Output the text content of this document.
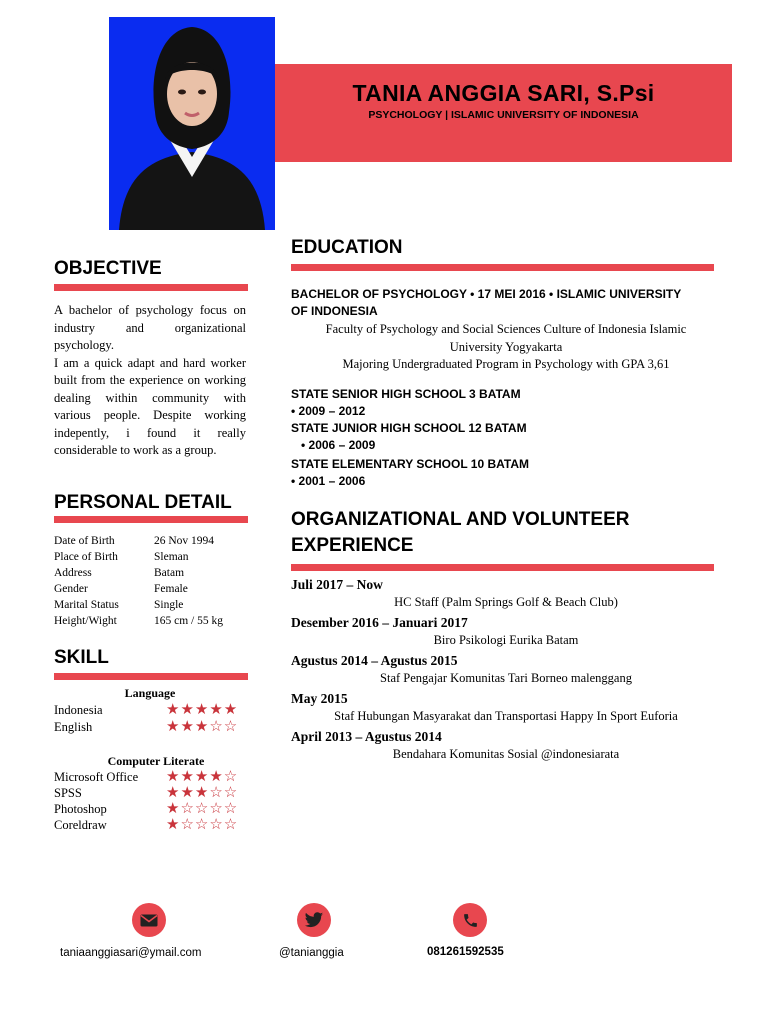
TANIA ANGGIA SARI, S.Psi
PSYCHOLOGY | ISLAMIC UNIVERSITY OF INDONESIA
OBJECTIVE
A bachelor of psychology focus on industry and organizational psychology.
I am a quick adapt and hard worker built from the experience on working dealing within community with various people. Despite working indepently, i found it really considerable to work as a group.
PERSONAL DETAIL
Date of Birth	26 Nov 1994
Place of Birth	Sleman
Address	Batam
Gender	Female
Marital Status	Single
Height/Wight	165 cm / 55 kg
SKILL
Language
Indonesia	★★★★★
English	★★★☆☆
Computer Literate
Microsoft Office ★★★★☆
SPSS	★★★☆☆
Photoshop	★☆☆☆☆
Coreldraw	★☆☆☆☆
EDUCATION
BACHELOR OF PSYCHOLOGY • 17 MEI 2016 • ISLAMIC UNIVERSITY
OF INDONESIA
Faculty of Psychology and Social Sciences Culture of Indonesia Islamic
University Yogyakarta
Majoring Undergraduated Program in Psychology with GPA 3,61
STATE SENIOR HIGH SCHOOL 3 BATAM
• 2009 – 2012
STATE JUNIOR HIGH SCHOOL 12 BATAM
• 2006 – 2009
STATE ELEMENTARY SCHOOL 10 BATAM
• 2001 – 2006
ORGANIZATIONAL AND VOLUNTEER
EXPERIENCE
Juli 2017 – Now
HC Staff (Palm Springs Golf & Beach Club)
Desember 2016 – Januari 2017
Biro Psikologi Eurika Batam
Agustus 2014 – Agustus 2015
Staf Pengajar Komunitas Tari Borneo malenggang
May 2015
Staf Hubungan Masyarakat dan Transportasi Happy In Sport Euforia
April 2013 – Agustus 2014
Bendahara Komunitas Sosial @indonesiarata
taniaanggiasari@ymail.com	@tanianggia	081261592535
